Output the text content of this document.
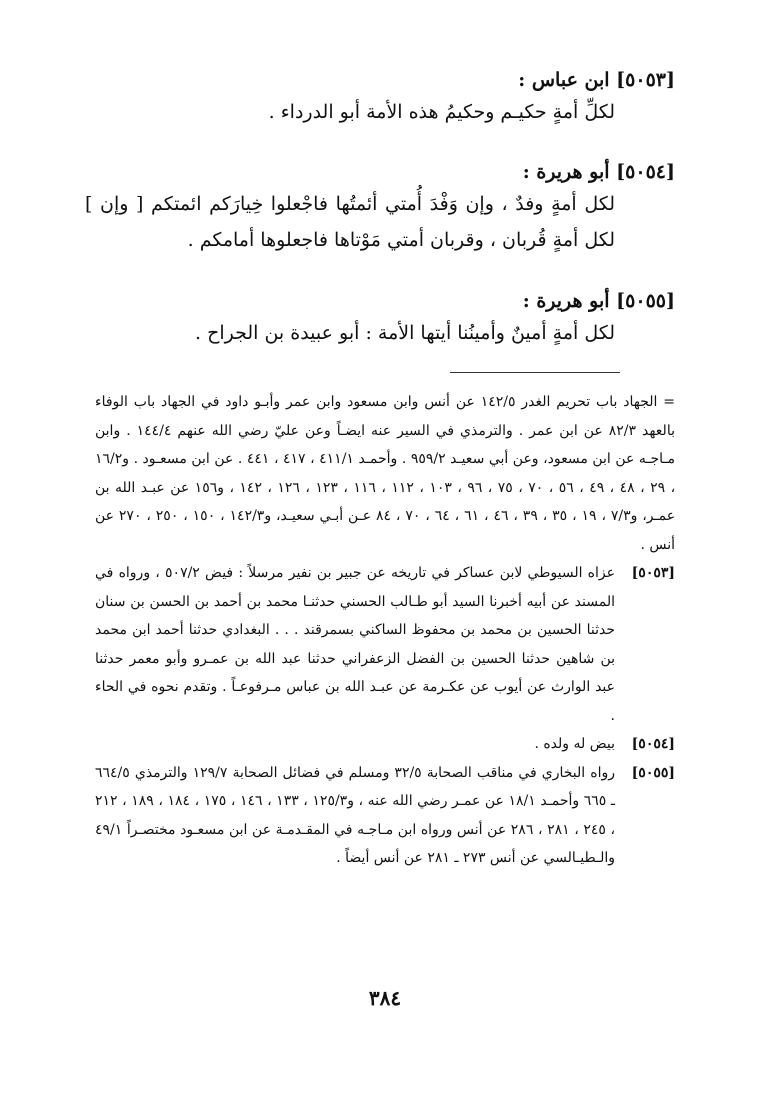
[٥٠٥٣] ابن عباس :
لكلِّ أمةٍ حكيـم وحكيمُ هذه الأمة أبو الدرداء .
[٥٠٥٤] أبو هريرة :
لكل أمةٍ وفدٌ ، وإن وَفْدَ أُمتي أئمتُها فاجْعلوا خِيارَكم ائمتكم [ وإن ] لكل أمةٍ قُربان ، وقربان أمتي مَوْتاها فاجعلوها أمامكم .
[٥٠٥٥] أبو هريرة :
لكل أمةٍ أمينٌ وأمينُنا أيتها الأمة : أبو عبيدة بن الجراح .

= الجهاد باب تحريم الغدر ١٤٢/٥ عن أنس وابن مسعود وابن عمر وأبـو داود في الجهاد باب الوفاء بالعهد ٨٢/٣ عن ابن عمر . والترمذي في السير عنه ايضـاً وعن عليّ رضي الله عنهم ١٤٤/٤ . وابن مـاجـه عن ابن مسعود، وعن أبي سعيـد ٩٥٩/٢ . وأحمـد ٤١١/١ ، ٤١٧ ، ٤٤١ . عن ابن مسعـود . و١٦/٢ ، ٢٩ ، ٤٨ ، ٤٩ ، ٥٦ ، ٧٠ ، ٧٥ ، ٩٦ ، ١٠٣ ، ١١٢ ، ١١٦ ، ١٢٣ ، ١٢٦ ، ١٤٢ ، و١٥٦ عن عبـد الله بن عمـر، و٧/٣ ، ١٩ ، ٣٥ ، ٣٩ ، ٤٦ ، ٦١ ، ٦٤ ، ٧٠ ، ٨٤ عـن أبـي سعيـد، و١٤٢/٣ ، ١٥٠ ، ٢٥٠ ، ٢٧٠ عن أنس .

[٥٠٥٣]
عزاه السيوطي لابن عساكر في تاريخه عن جبير بن نفير مرسلاً : فيض ٥٠٧/٢ ، ورواه في المسند عن أبيه أخبرنا السيد أبو طـالب الحسني حدثنـا محمد بن أحمد بن الحسن بن سنان حدثنا الحسين بن محمد بن محفوظ الساكني بسمرقند . . . البغدادي حدثنا أحمد ابن محمد بن شاهين حدثنا الحسين بن الفضل الزعفراني حدثنا عبد الله بن عمـرو وأبو معمر حدثنا عبد الوارث عن أيوب عن عكـرمة عن عبـد الله بن عباس مـرفوعـاً . وتقدم نحوه في الحاء .
[٥٠٥٤]
بيض له ولده .
[٥٠٥٥]
رواه البخاري في مناقب الصحابة ٣٢/٥ ومسلم في فضائل الصحابة ١٢٩/٧ والترمذي ٦٦٤/٥ ـ ٦٦٥ وأحمـد ١٨/١ عن عمـر رضي الله عنه ، و١٢٥/٣ ، ١٣٣ ، ١٤٦ ، ١٧٥ ، ١٨٤ ، ١٨٩ ، ٢١٢ ، ٢٤٥ ، ٢٨١ ، ٢٨٦ عن أنس ورواه ابن مـاجـه في المقـدمـة عن ابن مسعـود مختصـراً ٤٩/١ والـطيـالسي عن أنس ٢٧٣ ـ ٢٨١ عن أنس أيضاً .
٣٨٤
